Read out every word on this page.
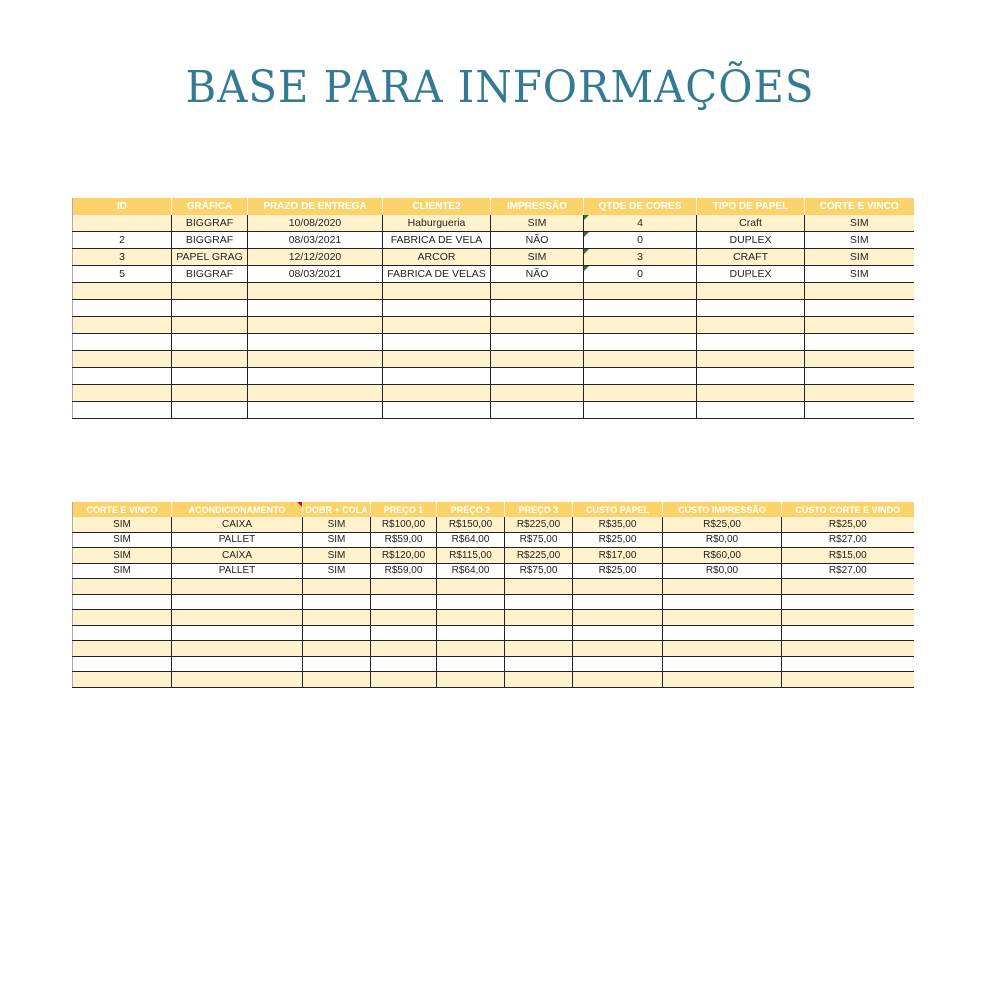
BASE PARA INFORMAÇÕES
ID	GRÁFICA	PRAZO DE ENTREGA	CLIENTE2	IMPRESSÃO	QTDE DE CORES	TIPO DE PAPEL	CORTE E VINCO
	BIGGRAF	10/08/2020	Haburgueria	SIM	4	Craft	SIM
2	BIGGRAF	08/03/2021	FABRICA DE VELA	NÃO	0	DUPLEX	SIM
3	PAPEL GRAG	12/12/2020	ARCOR	SIM	3	CRAFT	SIM
5	BIGGRAF	08/03/2021	FABRICA DE VELAS	NÃO	0	DUPLEX	SIM

CORTE E VINCO	ACONDICIONAMENTO	DOBR + COLA	PREÇO 1	PREÇO 2	PREÇO 3	CUSTO PAPEL	CUSTO IMPRESSÃO	CUSTO CORTE E VINDO
SIM	CAIXA	SIM	R$100,00	R$150,00	R$225,00	R$35,00	R$25,00	R$25,00
SIM	PALLET	SIM	R$59,00	R$64,00	R$75,00	R$25,00	R$0,00	R$27,00
SIM	CAIXA	SIM	R$120,00	R$115,00	R$225,00	R$17,00	R$60,00	R$15,00
SIM	PALLET	SIM	R$59,00	R$64,00	R$75,00	R$25,00	R$0,00	R$27,00
